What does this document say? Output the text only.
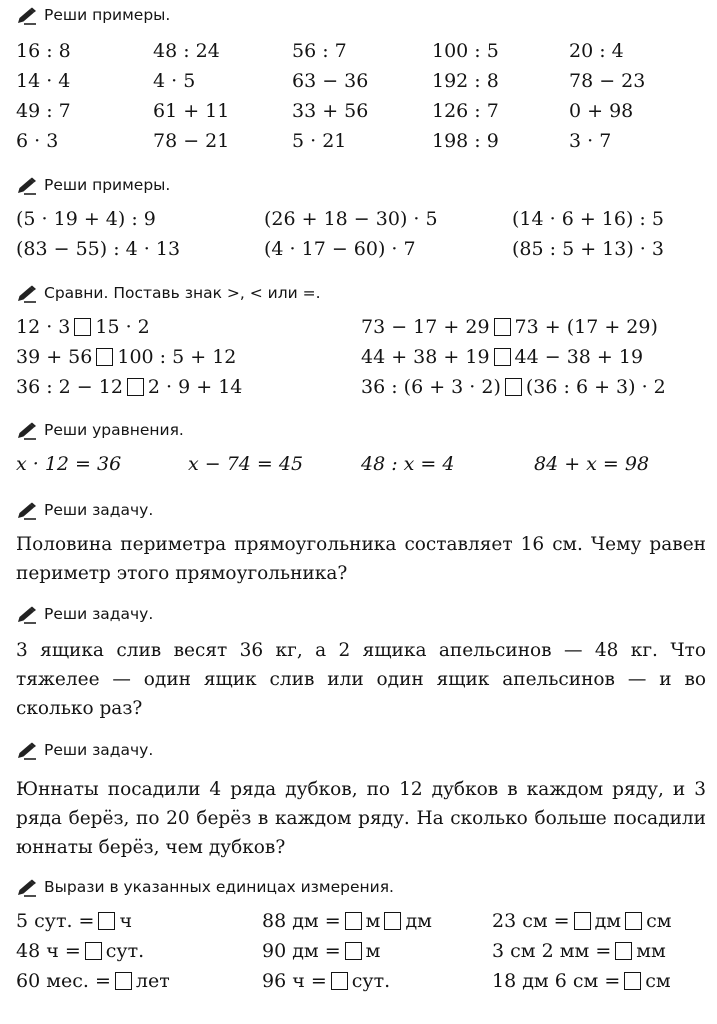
Реши примеры.
16 : 8	48 : 24	56 : 7	100 : 5	20 : 4
14 · 4	4 · 5	63 − 36	192 : 8	78 − 23
49 : 7	61 + 11	33 + 56	126 : 7	0 + 98
6 · 3	78 − 21	5 · 21	198 : 9	3 · 7
Реши примеры.
(5 · 19 + 4) : 9	(26 + 18 − 30) · 5	(14 · 6 + 16) : 5
(83 − 55) : 4 · 13	(4 · 17 − 60) · 7	(85 : 5 + 13) · 3
Сравни. Поставь знак >, < или =.
12 · 3 15 · 2	73 − 17 + 29 73 + (17 + 29)
39 + 56 100 : 5 + 12	44 + 38 + 19 44 − 38 + 19
36 : 2 − 12 2 · 9 + 14	36 : (6 + 3 · 2) (36 : 6 + 3) · 2
Реши уравнения.
x · 12 = 36	x − 74 = 45	48 : x = 4	84 + x = 98
Реши задачу.
Половина периметра прямоугольника составляет 16 см. Чему равен периметр этого прямоугольника?
Реши задачу.
3 ящика слив весят 36 кг, а 2 ящика апельсинов — 48 кг. Что тяжелее — один ящик слив или один ящик апельсинов — и во сколько раз?
Реши задачу.
Юннаты посадили 4 ряда дубков, по 12 дубков в каждом ряду, и 3 ряда берёз, по 20 берёз в каждом ряду. На сколько больше посадили юннаты берёз, чем дубков?
Вырази в указанных единицах измерения.
5 сут. = ч	88 дм = м дм	23 см = дм см
48 ч = сут.	90 дм = м	3 см 2 мм = мм
60 мес. = лет	96 ч = сут.	18 дм 6 см = см
